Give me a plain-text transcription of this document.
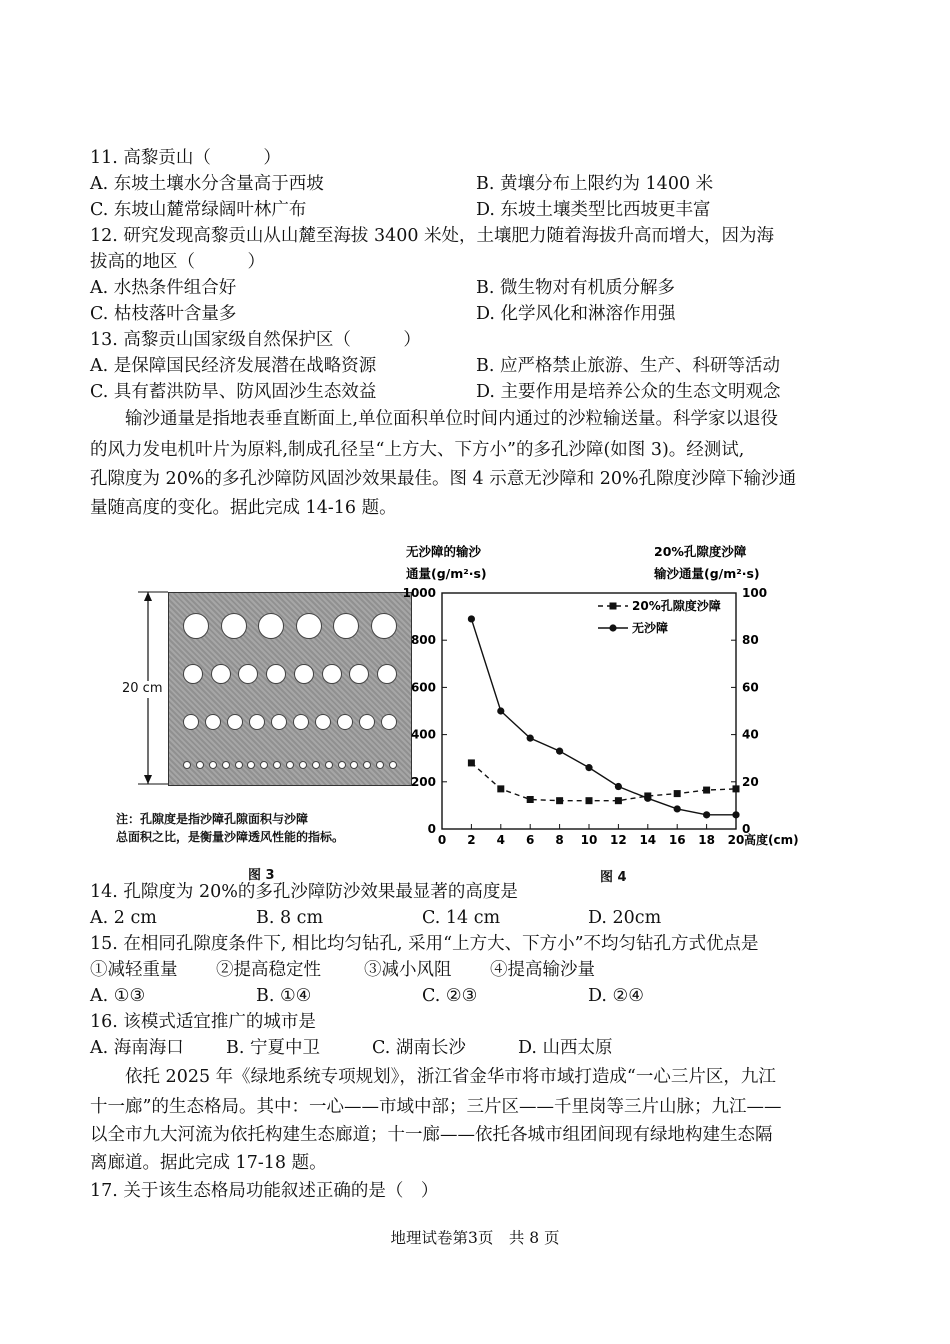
11. 高黎贡山（　　　）
A. 东坡土壤水分含量高于西坡	B. 黄壤分布上限约为 1400 米
C. 东坡山麓常绿阔叶林广布	D. 东坡土壤类型比西坡更丰富
12. 研究发现高黎贡山从山麓至海拔 3400 米处，土壤肥力随着海拔升高而增大，因为海
拔高的地区（　　　）
A. 水热条件组合好	B. 微生物对有机质分解多
C. 枯枝落叶含量多	D. 化学风化和淋溶作用强
13. 高黎贡山国家级自然保护区（　　　）
A. 是保障国民经济发展潜在战略资源	B. 应严格禁止旅游、生产、科研等活动
C. 具有蓄洪防旱、防风固沙生态效益	D. 主要作用是培养公众的生态文明观念
　　输沙通量是指地表垂直断面上,单位面积单位时间内通过的沙粒输送量。科学家以退役
的风力发电机叶片为原料,制成孔径呈“上方大、下方小”的多孔沙障(如图 3)。经测试,
孔隙度为 20%的多孔沙障防风固沙效果最佳。图 4 示意无沙障和 20%孔隙度沙障下输沙通
量随高度的变化。据此完成 14-16 题。
20 cm
注：孔隙度是指沙障孔隙面积与沙障
总面积之比，是衡量沙障透风性能的指标。
图 3
无沙障的输沙
通量(g/m²·s)
20%孔隙度沙障
输沙通量(g/m²·s)
0
200
400
600
800
1000
0
20
40
60
80
100
0 2 4 6 8 10 12 14 16 18 20 高度(cm)
20%孔隙度沙障
无沙障
图 4
14. 孔隙度为 20%的多孔沙障防沙效果最显著的高度是
A. 2 cm	B. 8 cm	C. 14 cm	D. 20cm
15. 在相同孔隙度条件下, 相比均匀钻孔, 采用“上方大、下方小”不均匀钻孔方式优点是
①减轻重量 ②提高稳定性 ③减小风阻 ④提高输沙量
A. ①③	B. ①④	C. ②③	D. ②④
16. 该模式适宜推广的城市是
A. 海南海口 B. 宁夏中卫	C. 湖南长沙	D. 山西太原
　　依托 2025 年《绿地系统专项规划》，浙江省金华市将市域打造成“一心三片区，九江
十一廊”的生态格局。其中：一心——市域中部；三片区——千里岗等三片山脉；九江——
以全市九大河流为依托构建生态廊道；十一廊——依托各城市组团间现有绿地构建生态隔
离廊道。据此完成 17-18 题。
17. 关于该生态格局功能叙述正确的是（　）
地理试卷第3页　共 8 页
